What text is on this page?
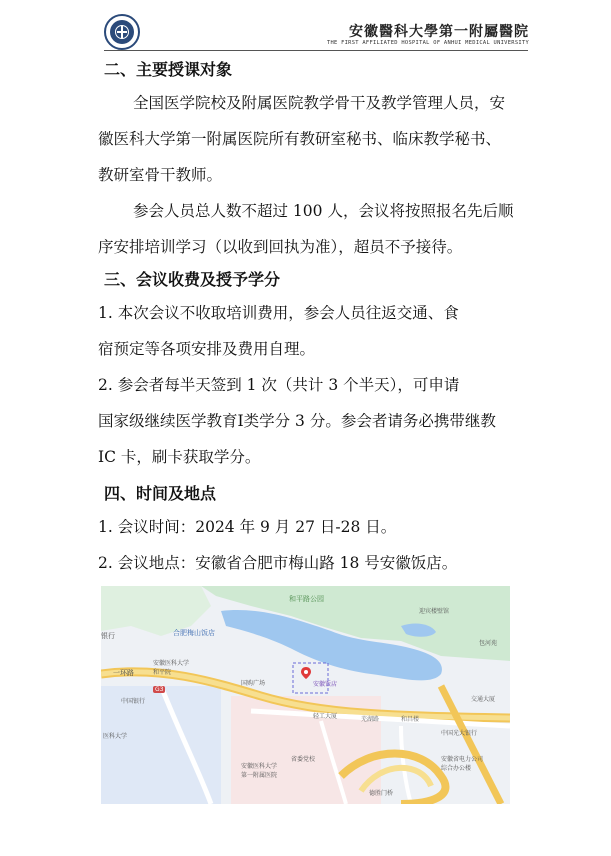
安徽醫科大學第一附屬醫院
THE FIRST AFFILIATED HOSPITAL OF ANHUI MEDICAL UNIVERSITY
二、主要授课对象
全国医学院校及附属医院教学骨干及教学管理人员，安
徽医科大学第一附属医院所有教研室秘书、临床教学秘书、
教研室骨干教师。
参会人员总人数不超过 100 人，会议将按照报名先后顺
序安排培训学习（以收到回执为准），超员不予接待。
三、会议收费及授予学分
1. 本次会议不收取培训费用，参会人员往返交通、食
宿预定等各项安排及费用自理。
2. 参会者每半天签到 1 次（共计 3 个半天），可申请
国家级继续医学教育Ⅰ类学分 3 分。参会者请务必携带继教
IC 卡，刷卡获取学分。
四、时间及地点
1. 会议时间：2024 年 9 月 27 日-28 日。
2. 会议地点：安徽省合肥市梅山路 18 号安徽饭店。
和平路公园
合肥梅山饭店
银行
安徽医科大学
和平院
一环路
G3
中国银行
医科大学
国购广场	安徽饭店
安徽医科大学
第一附属医院
轻工大厦
省委党校
芜湖路	和昌楼
交通大厦
中国光大银行
安徽省电力公司
综合办公楼
迎宾楼壁馆
德胜门桥
包河苑
